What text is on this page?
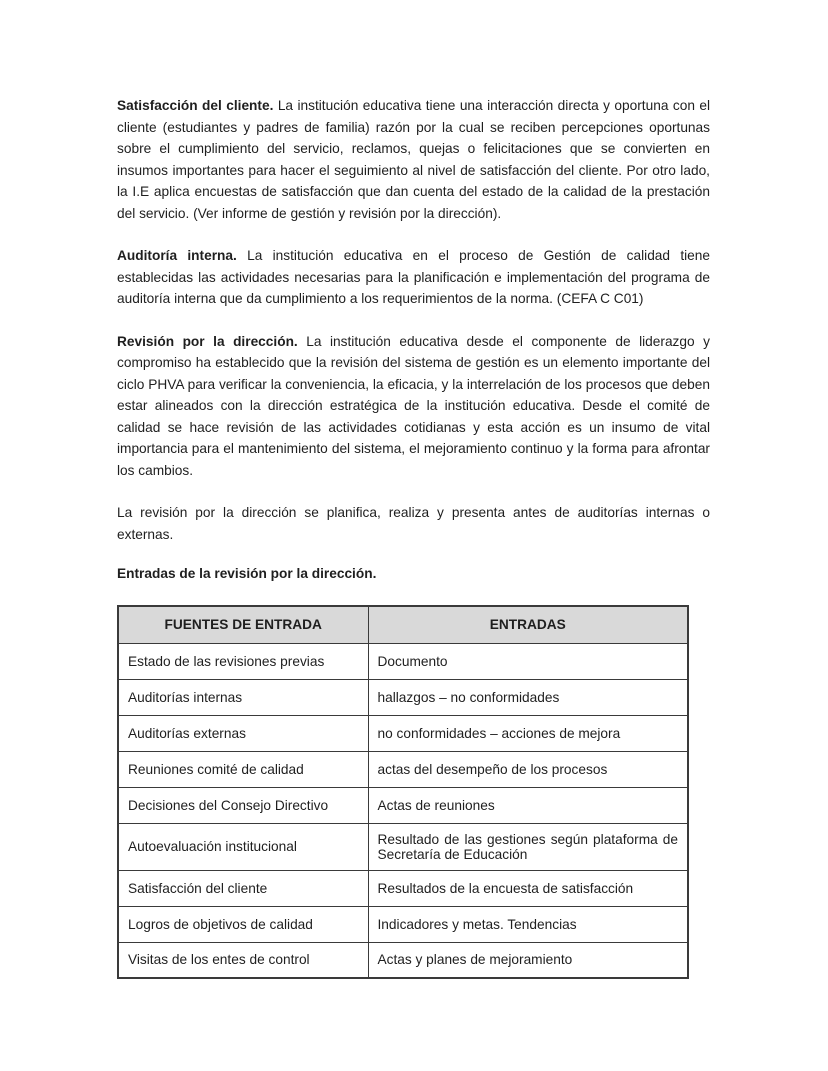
Satisfacción del cliente. La institución educativa tiene una interacción directa y oportuna con el cliente (estudiantes y padres de familia) razón por la cual se reciben percepciones oportunas sobre el cumplimiento del servicio, reclamos, quejas o felicitaciones que se convierten en insumos importantes para hacer el seguimiento al nivel de satisfacción del cliente. Por otro lado, la I.E aplica encuestas de satisfacción que dan cuenta del estado de la calidad de la prestación del servicio. (Ver informe de gestión y revisión por la dirección).

Auditoría interna. La institución educativa en el proceso de Gestión de calidad tiene establecidas las actividades necesarias para la planificación e implementación del programa de auditoría interna que da cumplimiento a los requerimientos de la norma. (CEFA C C01)

Revisión por la dirección. La institución educativa desde el componente de liderazgo y compromiso ha establecido que la revisión del sistema de gestión es un elemento importante del ciclo PHVA para verificar la conveniencia, la eficacia, y la interrelación de los procesos que deben estar alineados con la dirección estratégica de la institución educativa. Desde el comité de calidad se hace revisión de las actividades cotidianas y esta acción es un insumo de vital importancia para el mantenimiento del sistema, el mejoramiento continuo y la forma para afrontar los cambios.

La revisión por la dirección se planifica, realiza y presenta antes de auditorías internas o externas.

Entradas de la revisión por la dirección.

FUENTES DE ENTRADA	ENTRADAS
Estado de las revisiones previas	Documento
Auditorías internas	hallazgos – no conformidades
Auditorías externas	no conformidades – acciones de mejora
Reuniones comité de calidad	actas del desempeño de los procesos
Decisiones del Consejo Directivo	Actas de reuniones
Autoevaluación institucional	Resultado de las gestiones según plataforma de Secretaría de Educación
Satisfacción del cliente	Resultados de la encuesta de satisfacción
Logros de objetivos de calidad	Indicadores y metas. Tendencias
Visitas de los entes de control	Actas y planes de mejoramiento
